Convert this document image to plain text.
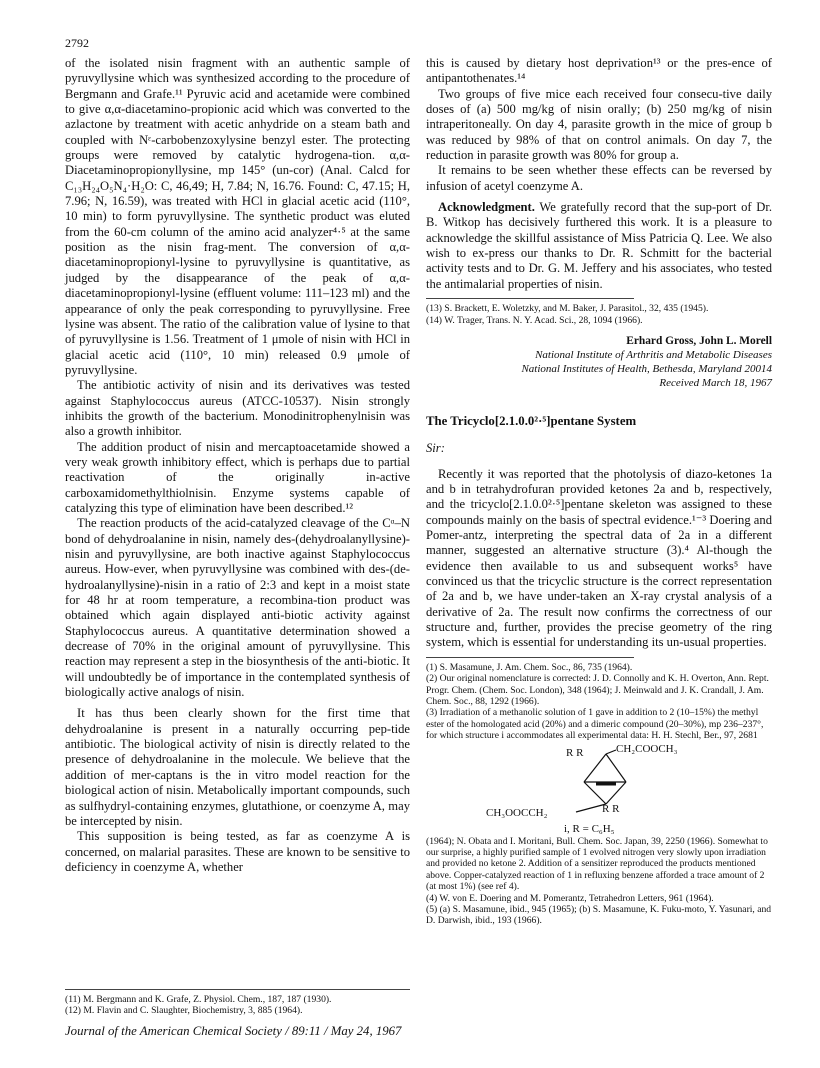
2792

of the isolated nisin fragment with an authentic sample of pyruvyllysine which was synthesized according to the procedure of Bergmann and Grafe.¹¹ Pyruvic acid and acetamide were combined to give α,α-diacetamino-propionic acid which was converted to the azlactone by treatment with acetic anhydride on a steam bath and coupled with Nᵋ-carbobenzoxylysine benzyl ester. The protecting groups were removed by catalytic hydrogena-tion. α,α-Diacetaminopropionyllysine, mp 145° (un-cor) (Anal. Calcd for C₁₃H₂₄O₅N₄·H₂O: C, 46,49; H, 7.84; N, 16.76. Found: C, 47.15; H, 7.96; N, 16.59), was treated with HCl in glacial acetic acid (110°, 10 min) to form pyruvyllysine. The synthetic product was eluted from the 60-cm column of the amino acid analyzer⁴·⁵ at the same position as the nisin frag-ment. The conversion of α,α-diacetaminopropionyl-lysine to pyruvyllysine is quantitative, as judged by the disappearance of the peak of α,α-diacetaminopropionyl-lysine (effluent volume: 111–123 ml) and the appearance of only the peak corresponding to pyruvyllysine. Free lysine was absent. The ratio of the calibration value of lysine to that of pyruvyllysine is 1.56. Treatment of 1 μmole of nisin with HCl in glacial acetic acid (110°, 10 min) released 0.9 μmole of pyruvyllysine.

The antibiotic activity of nisin and its derivatives was tested against Staphylococcus aureus (ATCC-10537). Nisin strongly inhibits the growth of the bacterium. Monodinitrophenylnisin was also a growth inhibitor.

The addition product of nisin and mercaptoacetamide showed a very weak growth inhibitory effect, which is perhaps due to partial reactivation of the originally in-active carboxamidomethylthiolnisin. Enzyme systems capable of catalyzing this type of elimination have been described.¹²

The reaction products of the acid-catalyzed cleavage of the Cᵅ–N bond of dehydroalanine in nisin, namely des-(dehydroalanyllysine)-nisin and pyruvyllysine, are both inactive against Staphylococcus aureus. How-ever, when pyruvyllysine was combined with des-(de-hydroalanyllysine)-nisin in a ratio of 2:3 and kept in a moist state for 48 hr at room temperature, a recombina-tion product was obtained which again displayed anti-biotic activity against Staphylococcus aureus. A quantitative determination showed a decrease of 70% in the original amount of pyruvyllysine. This reaction may represent a step in the biosynthesis of the anti-biotic. It will undoubtedly be of importance in the contemplated synthesis of biologically active analogs of nisin.

It has thus been clearly shown for the first time that dehydroalanine is present in a naturally occurring pep-tide antibiotic. The biological activity of nisin is directly related to the presence of dehydroalanine in the molecule. We believe that the addition of mer-captans is the in vitro model reaction for the biological action of nisin. Metabolically important compounds, such as sulfhydryl-containing enzymes, glutathione, or coenzyme A, may be intercepted by nisin.

This supposition is being tested, as far as coenzyme A is concerned, on malarial parasites. These are known to be sensitive to deficiency in coenzyme A, whether

(11) M. Bergmann and K. Grafe, Z. Physiol. Chem., 187, 187 (1930).
(12) M. Flavin and C. Slaughter, Biochemistry, 3, 885 (1964).

this is caused by dietary host deprivation¹³ or the pres-ence of antipantothenates.¹⁴

Two groups of five mice each received four consecu-tive daily doses of (a) 500 mg/kg of nisin orally; (b) 250 mg/kg of nisin intraperitoneally. On day 4, parasite growth in the mice of group b was reduced by 98% of that on control animals. On day 7, the reduction in parasite growth was 80% for group a.

It remains to be seen whether these effects can be reversed by infusion of acetyl coenzyme A.

Acknowledgment. We gratefully record that the sup-port of Dr. B. Witkop has decisively furthered this work. It is a pleasure to acknowledge the skillful assistance of Miss Patricia Q. Lee. We also wish to ex-press our thanks to Dr. R. Schmitt for the bacterial activity tests and to Dr. G. M. Jeffery and his associates, who tested the antimalarial properties of nisin.

(13) S. Brackett, E. Woletzky, and M. Baker, J. Parasitol., 32, 435 (1945).
(14) W. Trager, Trans. N. Y. Acad. Sci., 28, 1094 (1966).
Erhard Gross, John L. Morell
National Institute of Arthritis and Metabolic Diseases
National Institutes of Health, Bethesda, Maryland 20014
Received March 18, 1967
The Tricyclo[2.1.0.0²·⁵]pentane System
Sir:

Recently it was reported that the photolysis of diazo-ketones 1a and b in tetrahydrofuran provided ketones 2a and b, respectively, and the tricyclo[2.1.0.0²·⁵]pentane skeleton was assigned to these compounds mainly on the basis of spectral evidence.¹⁻³ Doering and Pomer-antz, interpreting the spectral data of 2a in a different manner, suggested an alternative structure (3).⁴ Al-though the evidence then available to us and subsequent works⁵ have convinced us that the tricyclic structure is the correct representation of 2a and b, we have under-taken an X-ray crystal analysis of a derivative of 2a. The result now confirms the correctness of our structure and, further, provides the precise geometry of the ring system, which is essential for understanding its un-usual properties.

(1) S. Masamune, J. Am. Chem. Soc., 86, 735 (1964).
(2) Our original nomenclature is corrected: J. D. Connolly and K. H. Overton, Ann. Rept. Progr. Chem. (Chem. Soc. London), 348 (1964); J. Meinwald and J. K. Crandall, J. Am. Chem. Soc., 88, 1292 (1966).
(3) Irradiation of a methanolic solution of 1 gave in addition to 2 (10–15%) the methyl ester of the homologated acid (20%) and a dimeric compound (20–30%), mp 236–237°, for which structure i accommodates all experimental data: H. H. Stechl, Ber., 97, 2681
R R	CH₂COOCH₃
CH₃OOCCH₂	R R
i, R = C₆H₅
(1964); N. Obata and I. Moritani, Bull. Chem. Soc. Japan, 39, 2250 (1966). Somewhat to our surprise, a highly purified sample of 1 evolved nitrogen very slowly upon irradiation and provided no ketone 2. Addition of a sensitizer reproduced the products mentioned above. Copper-catalyzed reaction of 1 in refluxing benzene afforded a trace amount of 2 (at most 1%) (see ref 4).
(4) W. von E. Doering and M. Pomerantz, Tetrahedron Letters, 961 (1964).
(5) (a) S. Masamune, ibid., 945 (1965); (b) S. Masamune, K. Fuku-moto, Y. Yasunari, and D. Darwish, ibid., 193 (1966).
Journal of the American Chemical Society / 89:11 / May 24, 1967
